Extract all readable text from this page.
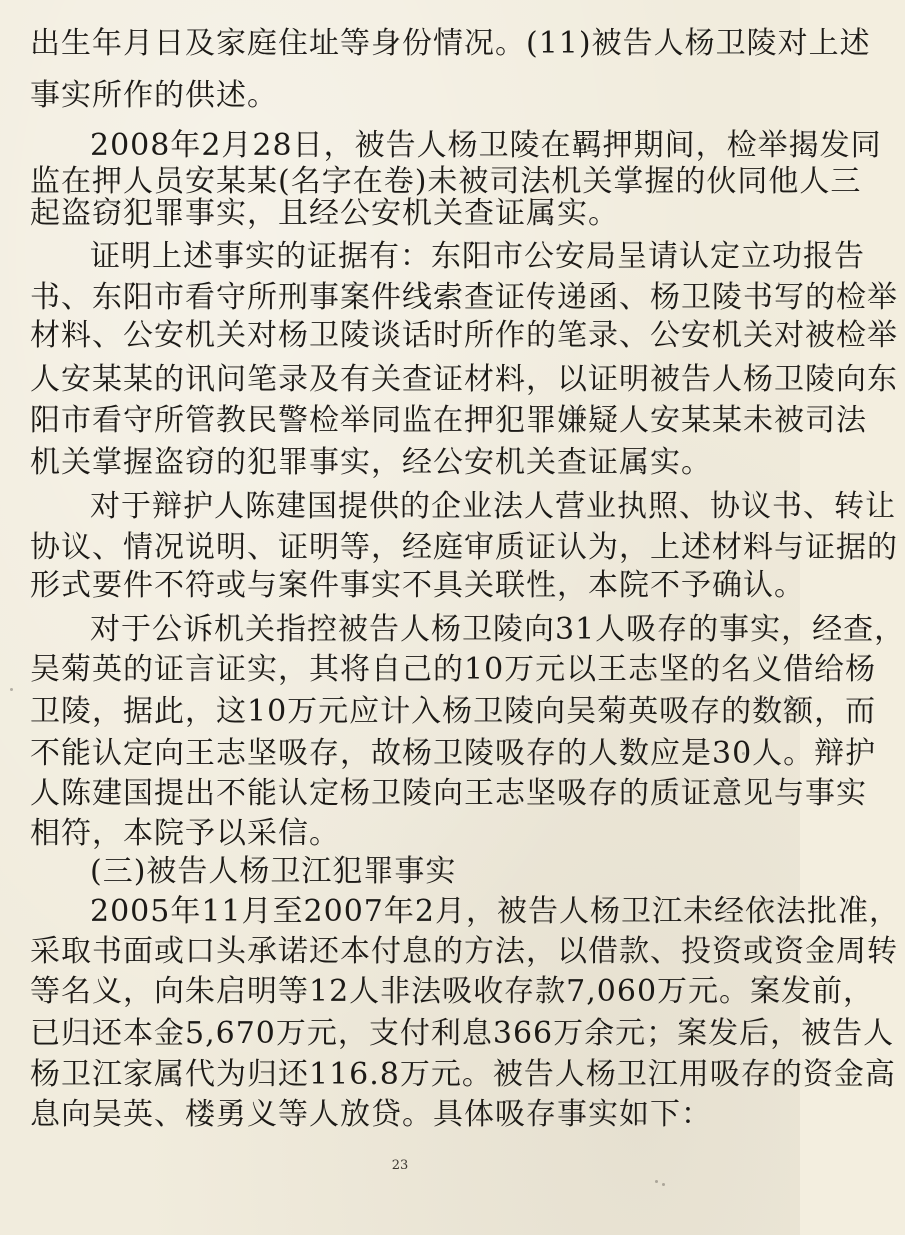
出生年月日及家庭住址等身份情况。(11)被告人杨卫陵对上述
事实所作的供述。
2008年2月28日，被告人杨卫陵在羁押期间，检举揭发同
监在押人员安某某(名字在卷)未被司法机关掌握的伙同他人三
起盗窃犯罪事实，且经公安机关查证属实。
证明上述事实的证据有：东阳市公安局呈请认定立功报告
书、东阳市看守所刑事案件线索查证传递函、杨卫陵书写的检举
材料、公安机关对杨卫陵谈话时所作的笔录、公安机关对被检举
人安某某的讯问笔录及有关查证材料，以证明被告人杨卫陵向东
阳市看守所管教民警检举同监在押犯罪嫌疑人安某某未被司法
机关掌握盗窃的犯罪事实，经公安机关查证属实。
对于辩护人陈建国提供的企业法人营业执照、协议书、转让
协议、情况说明、证明等，经庭审质证认为，上述材料与证据的
形式要件不符或与案件事实不具关联性，本院不予确认。
对于公诉机关指控被告人杨卫陵向31人吸存的事实，经查，
吴菊英的证言证实，其将自己的10万元以王志坚的名义借给杨
卫陵，据此，这10万元应计入杨卫陵向吴菊英吸存的数额，而
不能认定向王志坚吸存，故杨卫陵吸存的人数应是30人。辩护
人陈建国提出不能认定杨卫陵向王志坚吸存的质证意见与事实
相符，本院予以采信。
(三)被告人杨卫江犯罪事实
2005年11月至2007年2月，被告人杨卫江未经依法批准，
采取书面或口头承诺还本付息的方法，以借款、投资或资金周转
等名义，向朱启明等12人非法吸收存款7,060万元。案发前，
已归还本金5,670万元，支付利息366万余元；案发后，被告人
杨卫江家属代为归还116.8万元。被告人杨卫江用吸存的资金高
息向吴英、楼勇义等人放贷。具体吸存事实如下：
23
